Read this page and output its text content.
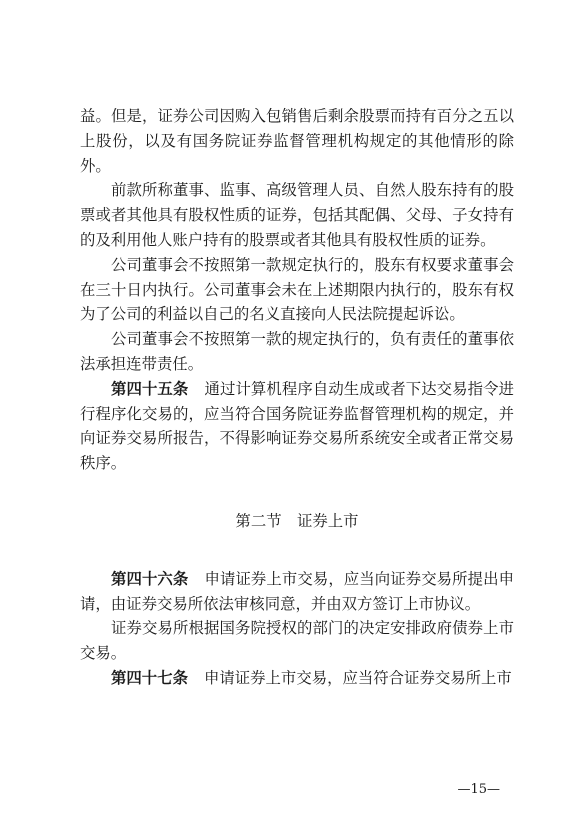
益。但是，证券公司因购入包销售后剩余股票而持有百分之五以上股份，以及有国务院证券监督管理机构规定的其他情形的除外。

前款所称董事、监事、高级管理人员、自然人股东持有的股票或者其他具有股权性质的证券，包括其配偶、父母、子女持有的及利用他人账户持有的股票或者其他具有股权性质的证券。

公司董事会不按照第一款规定执行的，股东有权要求董事会在三十日内执行。公司董事会未在上述期限内执行的，股东有权为了公司的利益以自己的名义直接向人民法院提起诉讼。

公司董事会不按照第一款的规定执行的，负有责任的董事依法承担连带责任。

第四十五条 通过计算机程序自动生成或者下达交易指令进行程序化交易的，应当符合国务院证券监督管理机构的规定，并向证券交易所报告，不得影响证券交易所系统安全或者正常交易秩序。

第二节　证券上市

第四十六条 申请证券上市交易，应当向证券交易所提出申请，由证券交易所依法审核同意，并由双方签订上市协议。

证券交易所根据国务院授权的部门的决定安排政府债券上市交易。

第四十七条 申请证券上市交易，应当符合证券交易所上市

—15—
